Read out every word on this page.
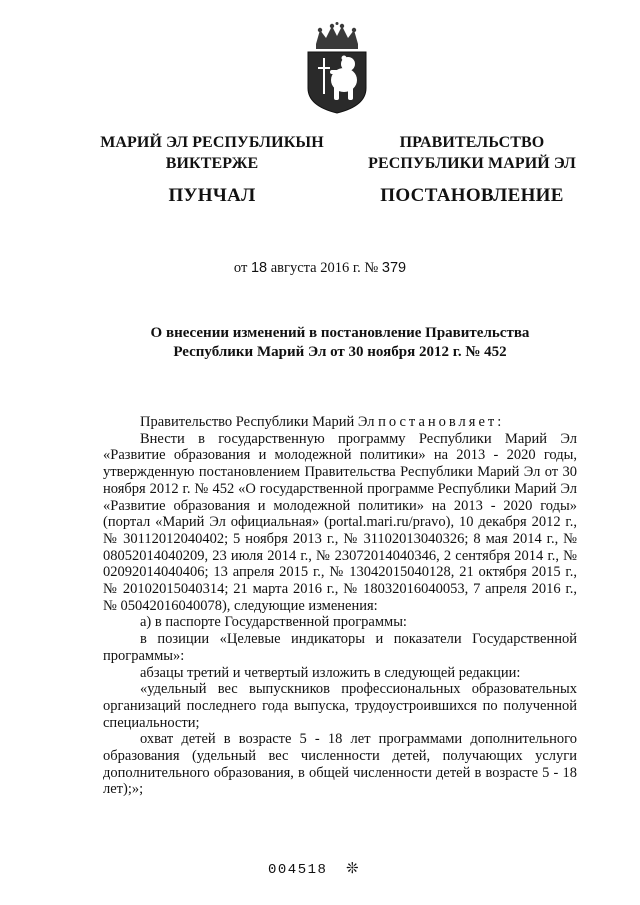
МАРИЙ ЭЛ РЕСПУБЛИКЫН
ВИКТЕРЖЕ
ПУНЧАЛ
ПРАВИТЕЛЬСТВО
РЕСПУБЛИКИ МАРИЙ ЭЛ
ПОСТАНОВЛЕНИЕ
от 18 августа 2016 г. № 379
О внесении изменений в постановление Правительства
Республики Марий Эл от 30 ноября 2012 г. № 452

Правительство Республики Марий Эл постановляет:

Внести в государственную программу Республики Марий Эл «Развитие образования и молодежной политики» на 2013 - 2020 годы, утвержденную постановлением Правительства Республики Марий Эл от 30 ноября 2012 г. № 452 «О государственной программе Республики Марий Эл «Развитие образования и молодежной политики» на 2013 - 2020 годы» (портал «Марий Эл официальная» (portal.mari.ru/pravo), 10 декабря 2012 г., № 30112012040402; 5 ноября 2013 г., № 31102013040326; 8 мая 2014 г., № 08052014040209, 23 июля 2014 г., № 23072014040346, 2 сентября 2014 г., № 02092014040406; 13 апреля 2015 г., № 13042015040128, 21 октября 2015 г., № 20102015040314; 21 марта 2016 г., № 18032016040053, 7 апреля 2016 г., № 05042016040078), следующие изменения:

а) в паспорте Государственной программы:

в позиции «Целевые индикаторы и показатели Государственной программы»:

абзацы третий и четвертый изложить в следующей редакции:

«удельный вес выпускников профессиональных образовательных организаций последнего года выпуска, трудоустроившихся по полученной специальности;

охват детей в возрасте 5 - 18 лет программами дополнительного образования (удельный вес численности детей, получающих услуги дополнительного образования, в общей численности детей в возрасте 5 - 18 лет);»;

004518 ❊
